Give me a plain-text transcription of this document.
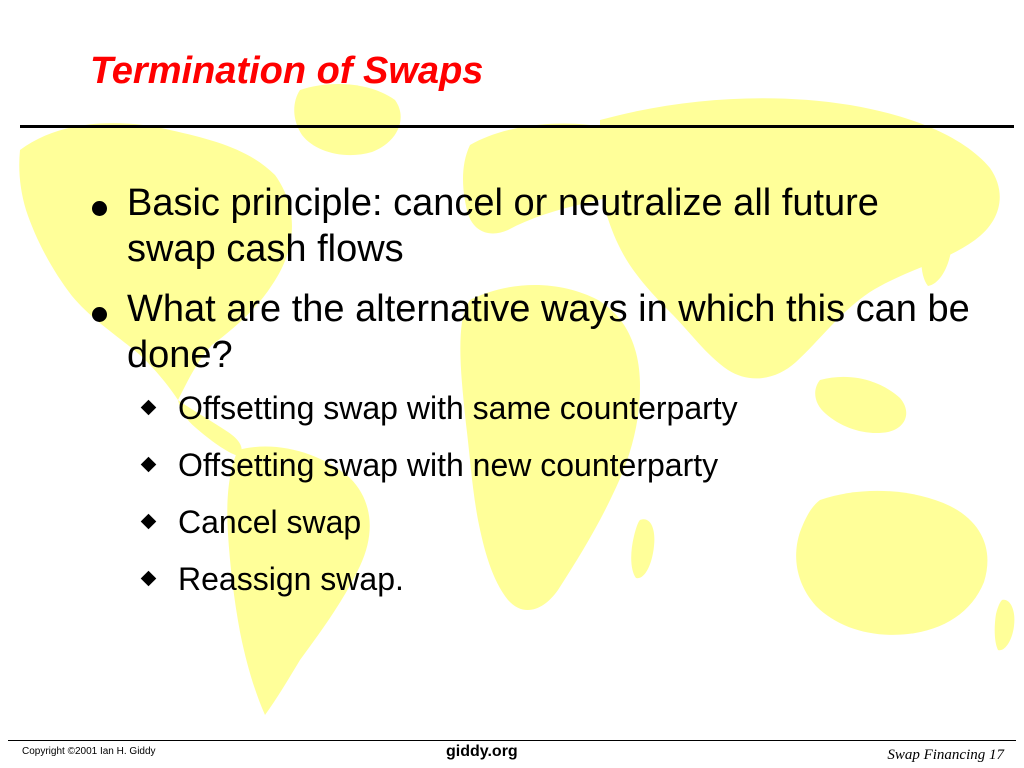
Termination of Swaps
Basic principle: cancel or neutralize all future swap cash flows
What are the alternative ways in which this can be done?
Offsetting swap with same counterparty
Offsetting swap with new counterparty
Cancel swap
Reassign swap.
Copyright ©2001 Ian H. Giddy	giddy.org	Swap Financing 17
